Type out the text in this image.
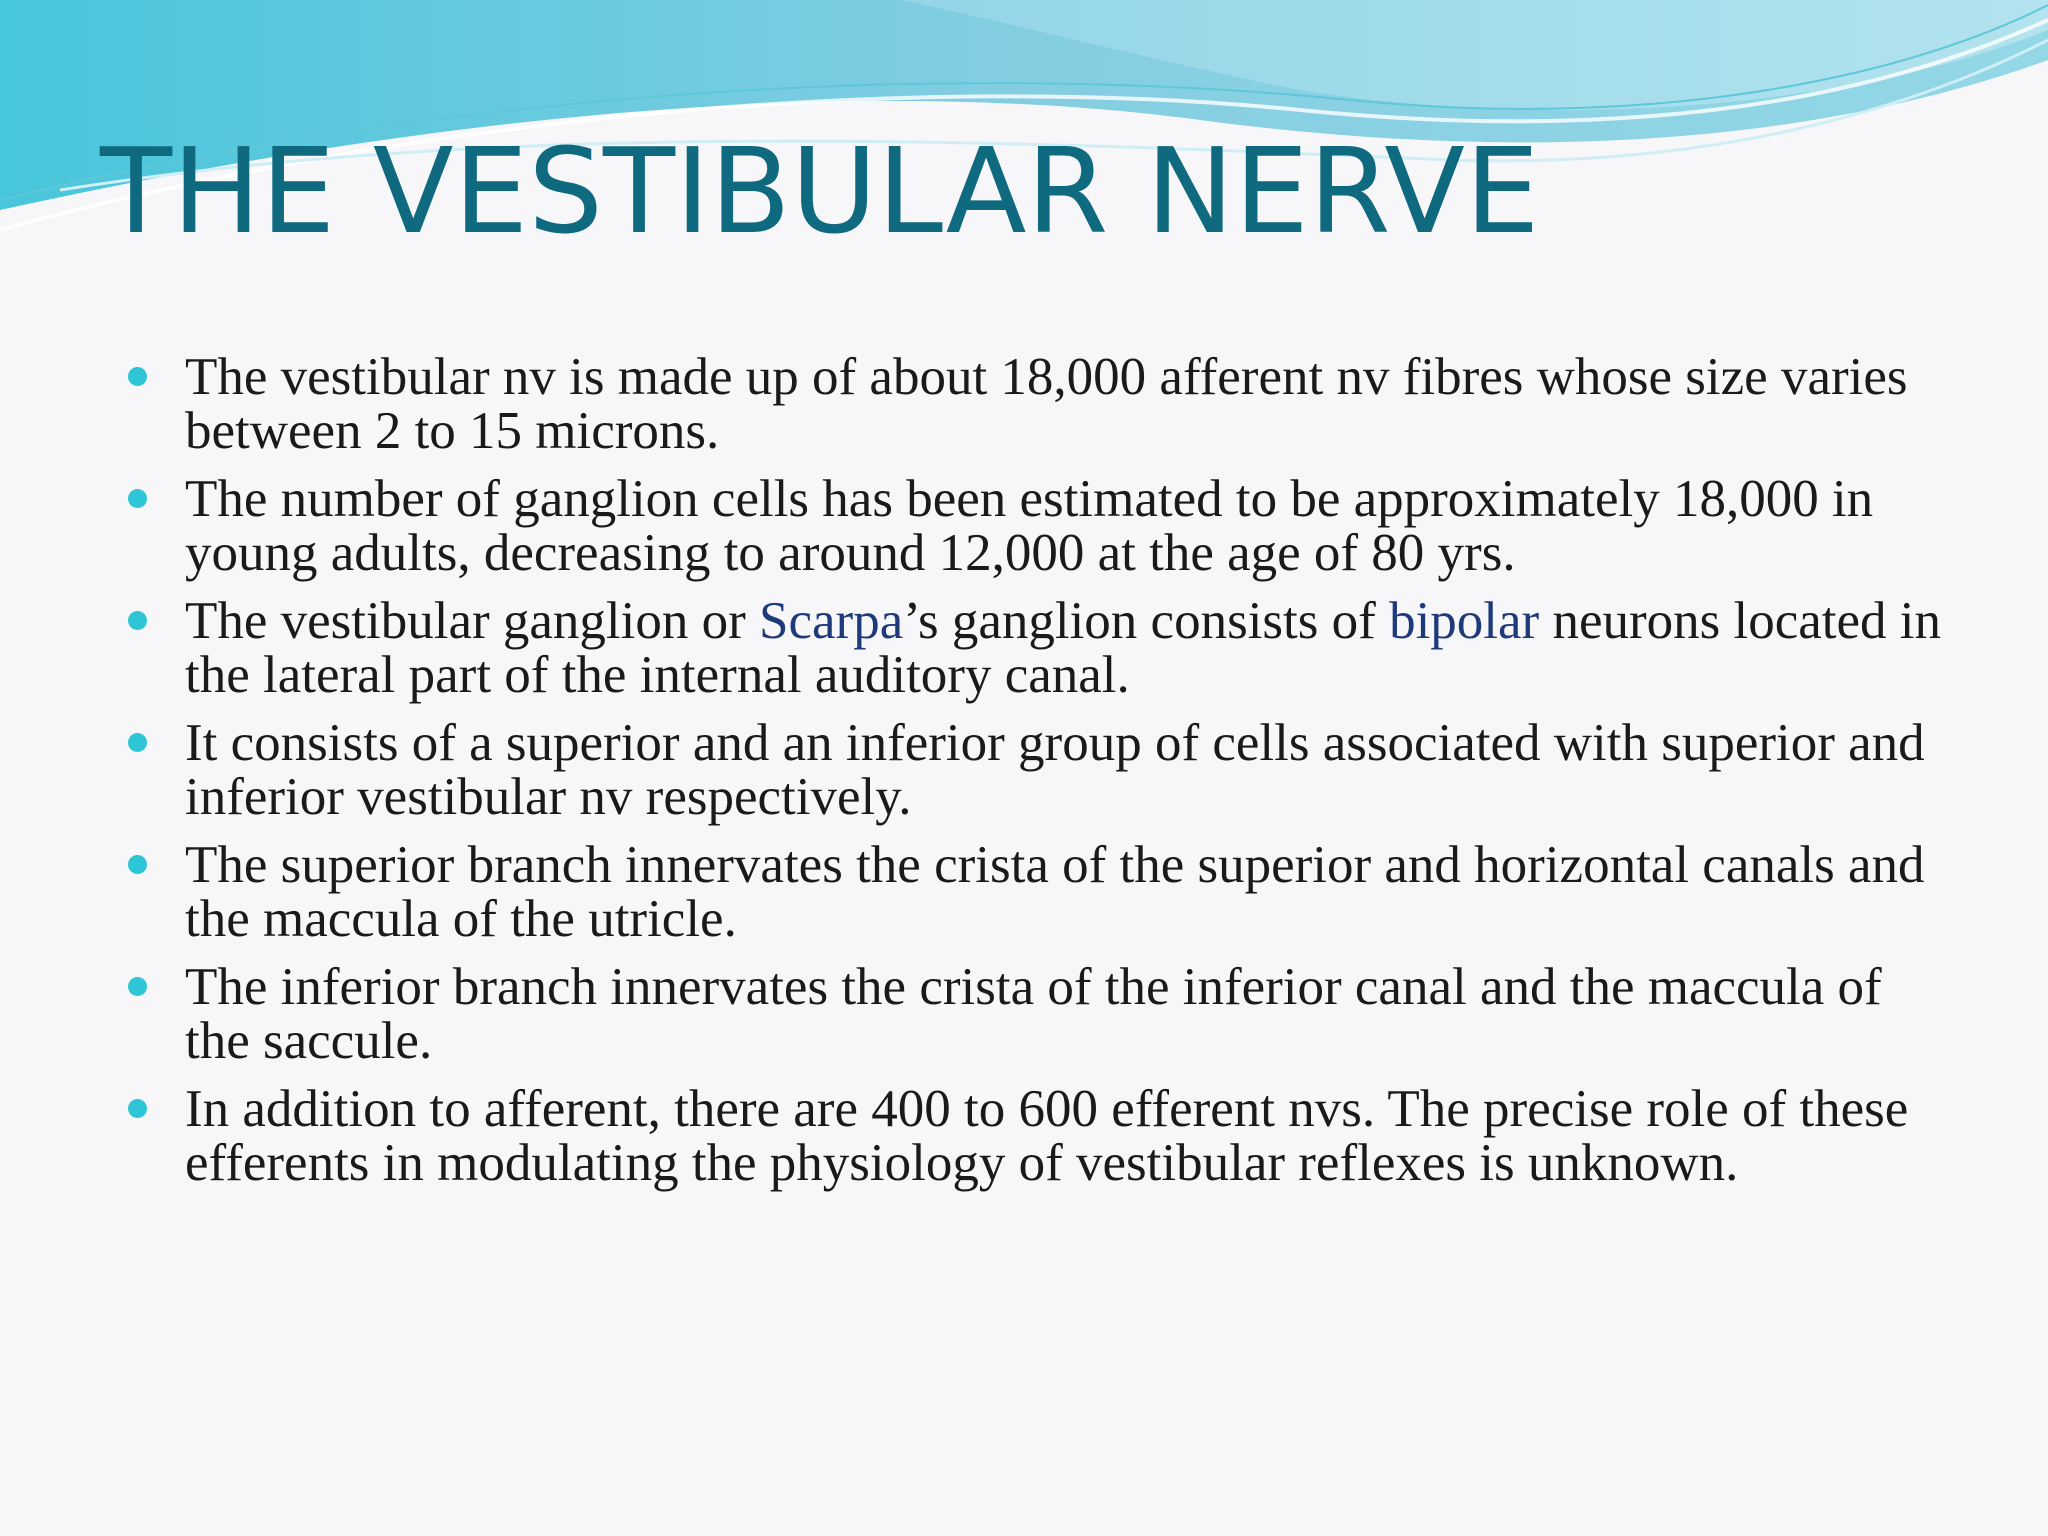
THE VESTIBULAR NERVE
The vestibular nv is made up of about 18,000 afferent nv fibres whose size varies between 2 to 15 microns.
The number of ganglion cells has been estimated to be approximately 18,000 in young adults, decreasing to around 12,000 at the age of 80 yrs.
The vestibular ganglion or Scarpa’s ganglion consists of bipolar neurons located in the lateral part of the internal auditory canal.
It consists of a superior and an inferior group of cells associated with superior and inferior vestibular nv respectively.
The superior branch innervates the crista of the superior and horizontal canals and the maccula of the utricle.
The inferior branch innervates the crista of the inferior canal and the maccula of the saccule.
In addition to afferent, there are 400 to 600 efferent nvs. The precise role of these efferents in modulating the physiology of vestibular reflexes is unknown.
